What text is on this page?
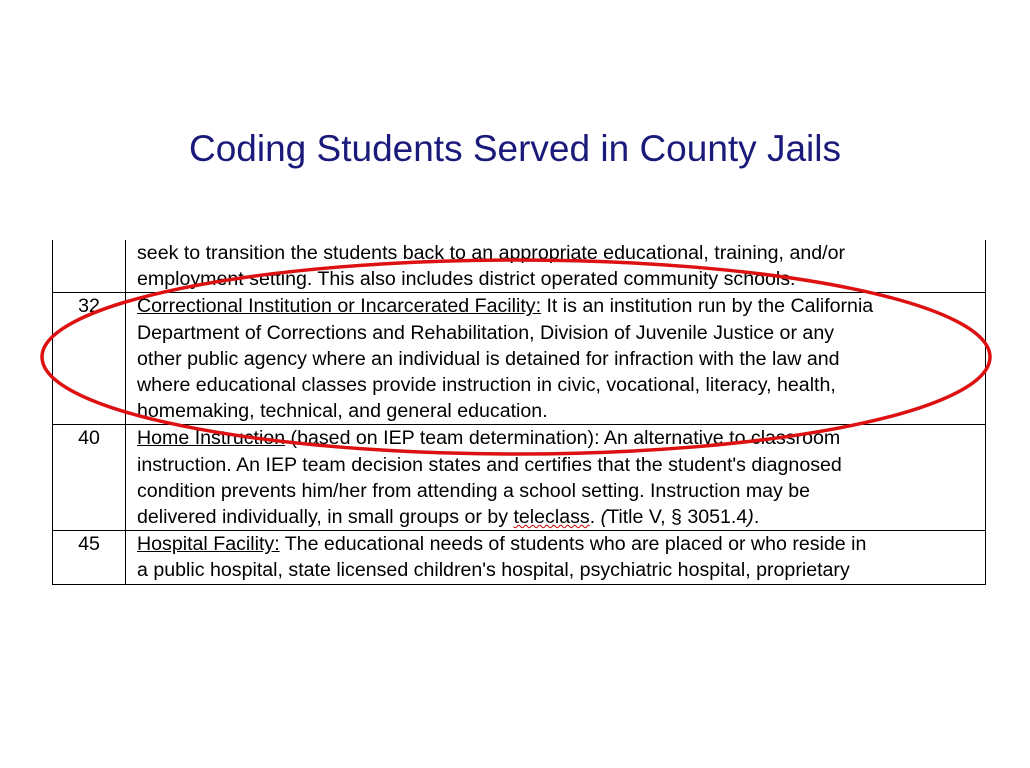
Coding Students Served in County Jails

	seek to transition the students back to an appropriate educational, training, and/or
employment setting. This also includes district operated community schools.

32	Correctional Institution or Incarcerated Facility: It is an institution run by the California
Department of Corrections and Rehabilitation, Division of Juvenile Justice or any
other public agency where an individual is detained for infraction with the law and
where educational classes provide instruction in civic, vocational, literacy, health,
homemaking, technical, and general education.

40	Home Instruction (based on IEP team determination): An alternative to classroom
instruction. An IEP team decision states and certifies that the student's diagnosed
condition prevents him/her from attending a school setting. Instruction may be
delivered individually, in small groups or by teleclass. (Title V, § 3051.4).

45	Hospital Facility: The educational needs of students who are placed or who reside in
a public hospital, state licensed children's hospital, psychiatric hospital, proprietary
